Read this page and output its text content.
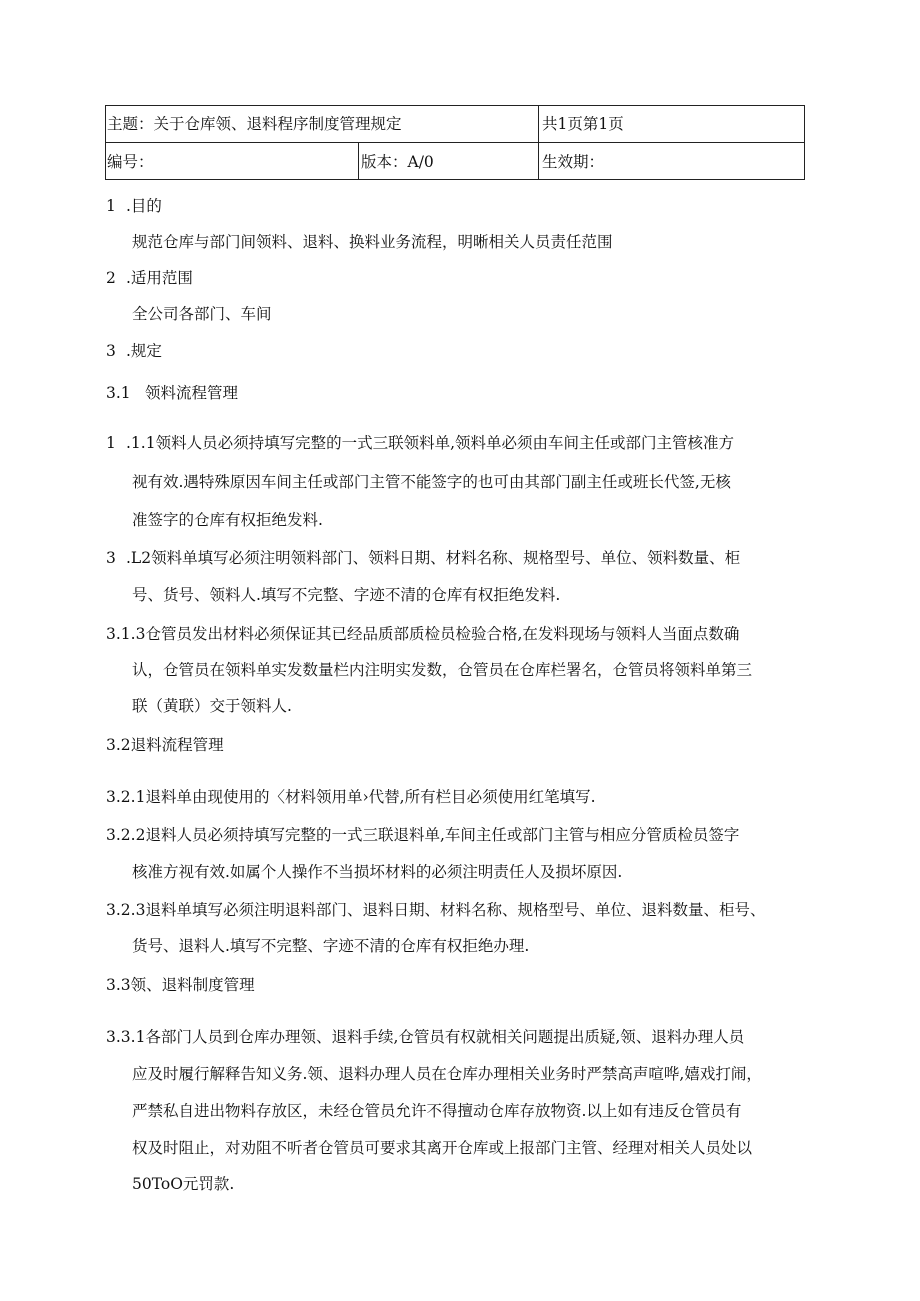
主题：关于仓库领、退料程序制度管理规定	共1页第1页
编号：	版本：A/0	生效期：
1 .目的
规范仓库与部门间领料、退料、换料业务流程，明晰相关人员责任范围
2 .适用范围
全公司各部门、车间
3 .规定
3.1 领料流程管理
1 .1.1领料人员必须持填写完整的一式三联领料单,领料单必须由车间主任或部门主管核准方
视有效.遇特殊原因车间主任或部门主管不能签字的也可由其部门副主任或班长代签,无核
准签字的仓库有权拒绝发料.
3 .L2领料单填写必须注明领料部门、领料日期、材料名称、规格型号、单位、领料数量、柜
号、货号、领料人.填写不完整、字迹不清的仓库有权拒绝发料.
3.1.3仓管员发出材料必须保证其已经品质部质检员检验合格,在发料现场与领料人当面点数确
认，仓管员在领料单实发数量栏内注明实发数，仓管员在仓库栏署名，仓管员将领料单第三
联（黄联）交于领料人.
3.2退料流程管理
3.2.1退料单由现使用的〈材料领用单›代替,所有栏目必须使用红笔填写.
3.2.2退料人员必须持填写完整的一式三联退料单,车间主任或部门主管与相应分管质检员签字
核准方视有效.如属个人操作不当损坏材料的必须注明责任人及损坏原因.
3.2.3退料单填写必须注明退料部门、退料日期、材料名称、规格型号、单位、退料数量、柜号、
货号、退料人.填写不完整、字迹不清的仓库有权拒绝办理.
3.3领、退料制度管理
3.3.1各部门人员到仓库办理领、退料手续,仓管员有权就相关问题提出质疑,领、退料办理人员
应及时履行解释告知义务.领、退料办理人员在仓库办理相关业务时严禁高声喧哗,嬉戏打闹，
严禁私自进出物料存放区，未经仓管员允许不得擅动仓库存放物资.以上如有违反仓管员有
权及时阻止，对劝阻不听者仓管员可要求其离开仓库或上报部门主管、经理对相关人员处以
50ToO元罚款.
